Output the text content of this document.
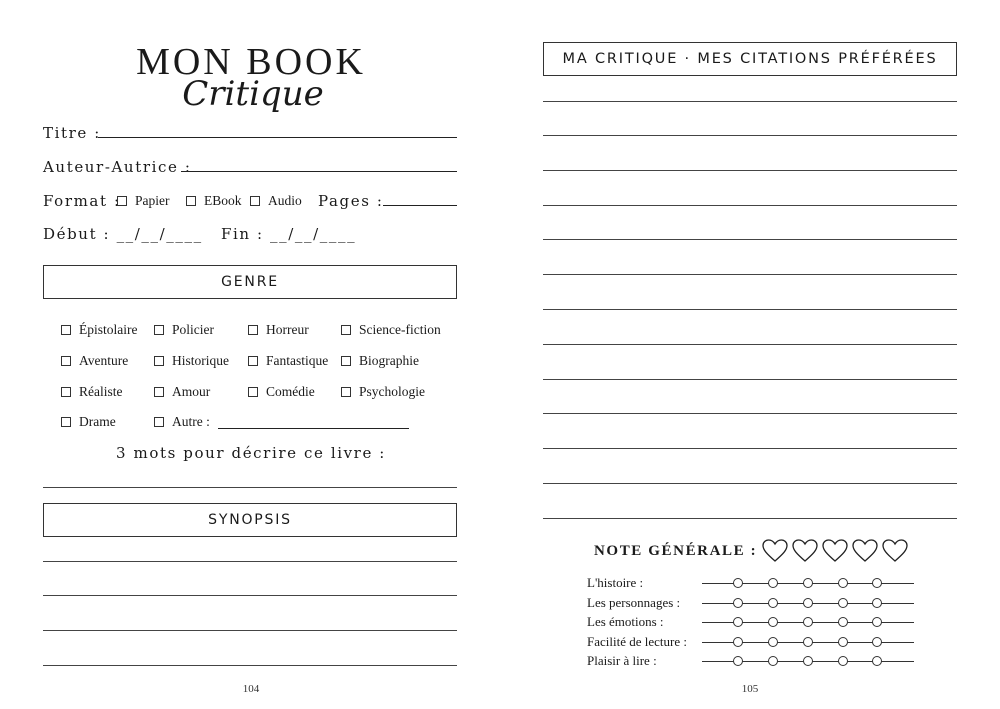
MON BOOK
Critique
Titre :
Auteur-Autrice :
Format :	Papier	EBook	Audio Pages :
Début : __/__/____ Fin : __/__/____
GENRE
Épistolaire	Policier	Horreur	Science-fiction
Aventure	Historique	Fantastique	Biographie
Réaliste	Amour	Comédie	Psychologie
Drame	Autre :
3 mots pour décrire ce livre :
SYNOPSIS
104
MA CRITIQUE · MES CITATIONS PRÉFÉRÉES
NOTE GÉNÉRALE :
L'histoire :
Les personnages :
Les émotions :
Facilité de lecture :
Plaisir à lire :
105
